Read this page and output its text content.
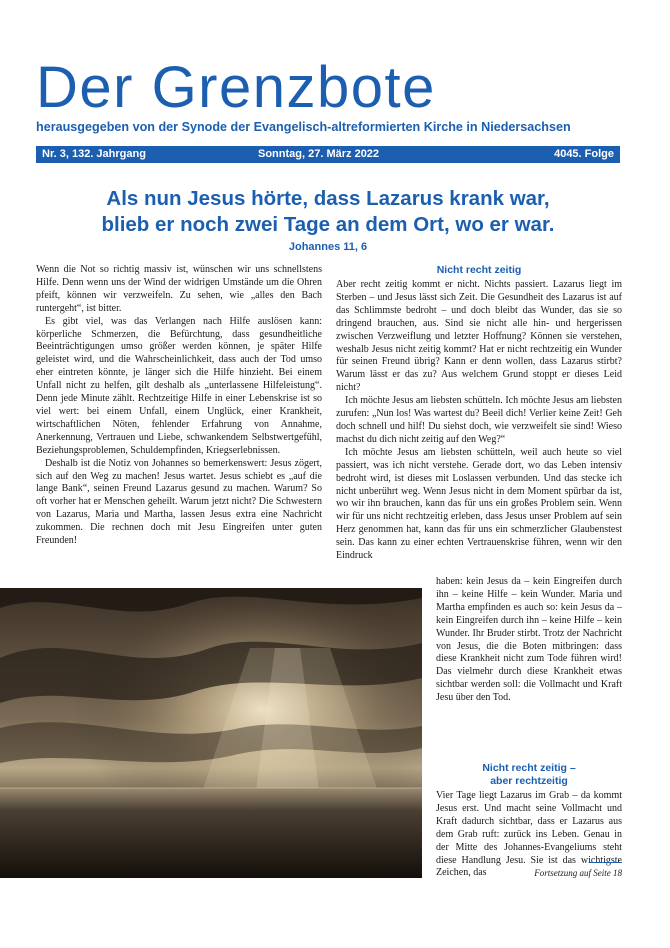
Der Grenzbote
herausgegeben von der Synode der Evangelisch-altreformierten Kirche in Niedersachsen
Nr. 3, 132. Jahrgang	Sonntag, 27. März 2022	4045. Folge
Als nun Jesus hörte, dass Lazarus krank war,
blieb er noch zwei Tage an dem Ort, wo er war.
Johannes 11, 6

Wenn die Not so richtig massiv ist, wünschen wir uns schnellstens Hilfe. Denn wenn uns der Wind der widrigen Umstände um die Ohren pfeift, können wir verzweifeln. Zu sehen, wie „alles den Bach runtergeht“, ist bitter.

Es gibt viel, was das Verlangen nach Hilfe auslösen kann: körperliche Schmerzen, die Befürchtung, dass gesundheitliche Beeinträchtigungen umso größer werden können, je später Hilfe geleistet wird, und die Wahrscheinlichkeit, dass auch der Tod umso eher eintreten könnte, je länger sich die Hilfe hinzieht. Bei einem Unfall nicht zu helfen, gilt deshalb als „unterlassene Hilfeleistung“. Denn jede Minute zählt. Rechtzeitige Hilfe in einer Lebenskrise ist so viel wert: bei einem Unfall, einem Unglück, einer Krankheit, wirtschaftlichen Nöten, fehlender Erfahrung von Annahme, Anerkennung, Vertrauen und Liebe, schwankendem Selbstwertgefühl, Beziehungsproblemen, Schuldempfinden, Kriegserlebnissen.

Deshalb ist die Notiz von Johannes so bemerkenswert: Jesus zögert, sich auf den Weg zu machen! Jesus wartet. Jesus schiebt es „auf die lange Bank“, seinen Freund Lazarus gesund zu machen. Warum? So oft vorher hat er Menschen geheilt. Warum jetzt nicht? Die Schwestern von Lazarus, Maria und Martha, lassen Jesus extra eine Nachricht zukommen. Die rechnen doch mit Jesu Eingreifen unter guten Freunden!

Nicht recht zeitig

Aber recht zeitig kommt er nicht. Nichts passiert. Lazarus liegt im Sterben – und Jesus lässt sich Zeit. Die Gesundheit des Lazarus ist auf das Schlimmste bedroht – und doch bleibt das Wunder, das sie so dringend brauchen, aus. Sind sie nicht alle hin- und hergerissen zwischen Verzweiflung und letzter Hoffnung? Können sie verstehen, weshalb Jesus nicht zeitig kommt? Hat er nicht rechtzeitig ein Wunder für seinen Freund übrig? Kann er denn wollen, dass Lazarus stirbt? Warum lässt er das zu? Aus welchem Grund stoppt er dieses Leid nicht?

Ich möchte Jesus am liebsten schütteln. Ich möchte Jesus am liebsten zurufen: „Nun los! Was wartest du? Beeil dich! Verlier keine Zeit! Geh doch schnell und hilf! Du siehst doch, wie verzweifelt sie sind! Wieso machst du dich nicht zeitig auf den Weg?“

Ich möchte Jesus am liebsten schütteln, weil auch heute so viel passiert, was ich nicht verstehe. Gerade dort, wo das Leben intensiv bedroht wird, ist dieses mit Loslassen verbunden. Und das stecke ich nicht unberührt weg. Wenn Jesus nicht in dem Moment spürbar da ist, wo wir ihn brauchen, kann das für uns ein großes Problem sein. Wenn wir für uns nicht rechtzeitig erleben, dass Jesus unser Problem auf sein Herz genommen hat, kann das für uns ein schmerzlicher Glaubenstest sein. Das kann zu einer echten Vertrauenskrise führen, wenn wir den Eindruck

haben: kein Jesus da – kein Eingreifen durch ihn – keine Hilfe – kein Wunder. Maria und Martha empfinden es auch so: kein Jesus da – kein Eingreifen durch ihn – keine Hilfe – kein Wunder. Ihr Bruder stirbt. Trotz der Nachricht von Jesus, die die Boten mitbringen: dass diese Krankheit nicht zum Tode führen wird! Das vielmehr durch diese Krankheit etwas sichtbar werden soll: die Vollmacht und Kraft Jesu über den Tod.

Nicht recht zeitig –
aber rechtzeitig

Vier Tage liegt Lazarus im Grab – da kommt Jesus erst. Und macht seine Vollmacht und Kraft dadurch sichtbar, dass er Lazarus aus dem Grab ruft: zurück ins Leben. Genau in der Mitte des Johannes-Evangeliums steht diese Handlung Jesu. Sie ist das wichtigste Zeichen, das	Fortsetzung auf Seite 18
